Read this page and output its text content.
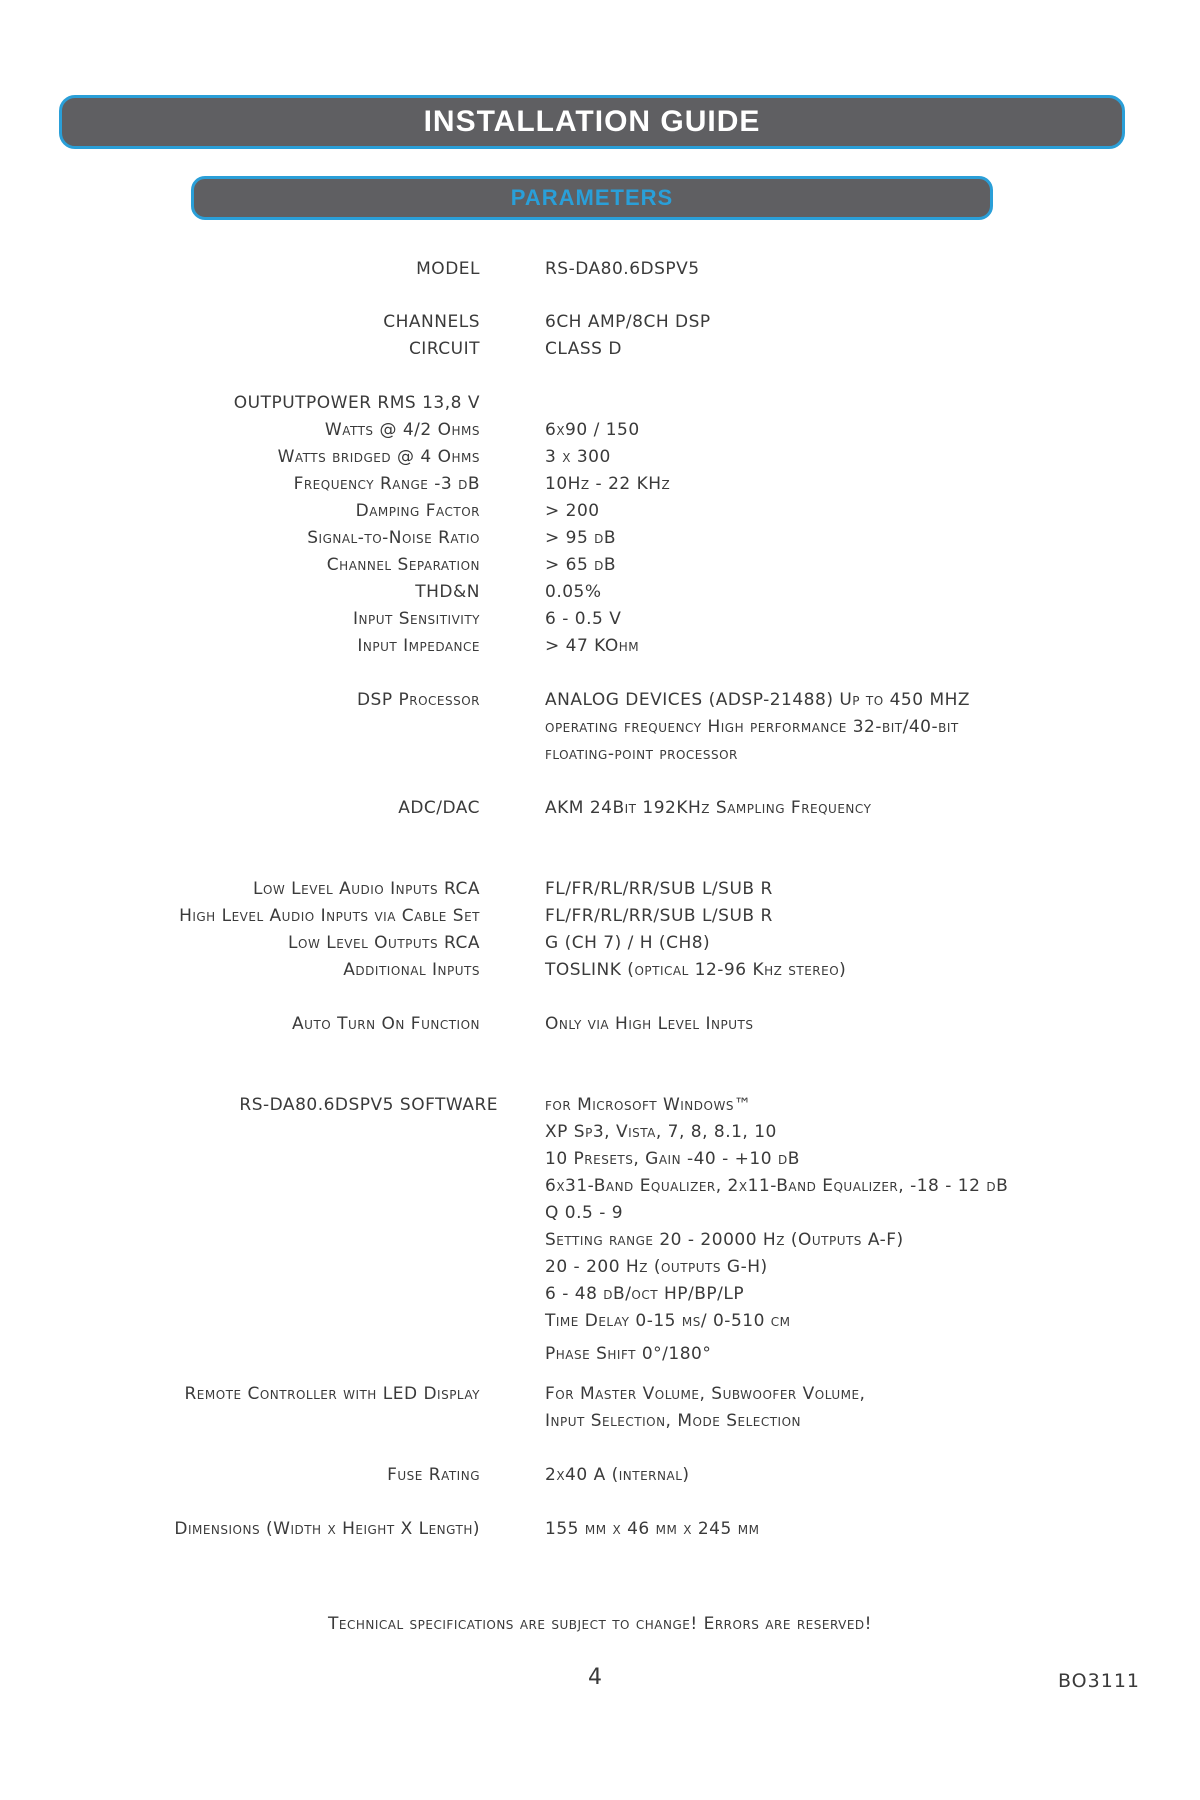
INSTALLATION GUIDE
PARAMETERS
MODEL	RS-DA80.6DSPV5
CHANNELS	6CH AMP/8CH DSP
CIRCUIT	CLASS D
OUTPUTPOWER RMS 13,8 V
Watts @ 4/2 Ohms	6x90 / 150
Watts bridged @ 4 Ohms	3 x 300
Frequency Range -3 dB	10Hz - 22 KHz
Damping Factor	> 200
Signal-to-Noise Ratio	> 95 dB
Channel Separation	> 65 dB
THD&N	0.05%
Input Sensitivity	6 - 0.5 V
Input Impedance	> 47 KOhm
DSP Processor	ANALOG DEVICES (ADSP-21488) Up to 450 MHZ
operating frequency High performance 32-bit/40-bit
floating-point processor
ADC/DAC	AKM 24Bit 192KHz Sampling Frequency
Low Level Audio Inputs RCA	FL/FR/RL/RR/SUB L/SUB R
High Level Audio Inputs via Cable Set	FL/FR/RL/RR/SUB L/SUB R
Low Level Outputs RCA	G (CH 7) / H (CH8)
Additional Inputs	TOSLINK (optical 12-96 Khz stereo)
Auto Turn On Function	Only via High Level Inputs
RS-DA80.6DSPV5 SOFTWARE	for Microsoft Windows™
XP Sp3, Vista, 7, 8, 8.1, 10
10 Presets, Gain -40 - +10 dB
6x31-Band Equalizer, 2x11-Band Equalizer, -18 - 12 dB
Q 0.5 - 9
Setting range 20 - 20000 Hz (Outputs A-F)
20 - 200 Hz (outputs G-H)
6 - 48 dB/oct HP/BP/LP
Time Delay 0-15 ms/ 0-510 cm
Phase Shift 0°/180°
Remote Controller with LED Display	For Master Volume, Subwoofer Volume,
Input Selection, Mode Selection
Fuse Rating	2x40 A (internal)
Dimensions (Width x Height X Length)	155 mm x 46 mm x 245 mm
Technical specifications are subject to change! Errors are reserved!
4	BO3111
